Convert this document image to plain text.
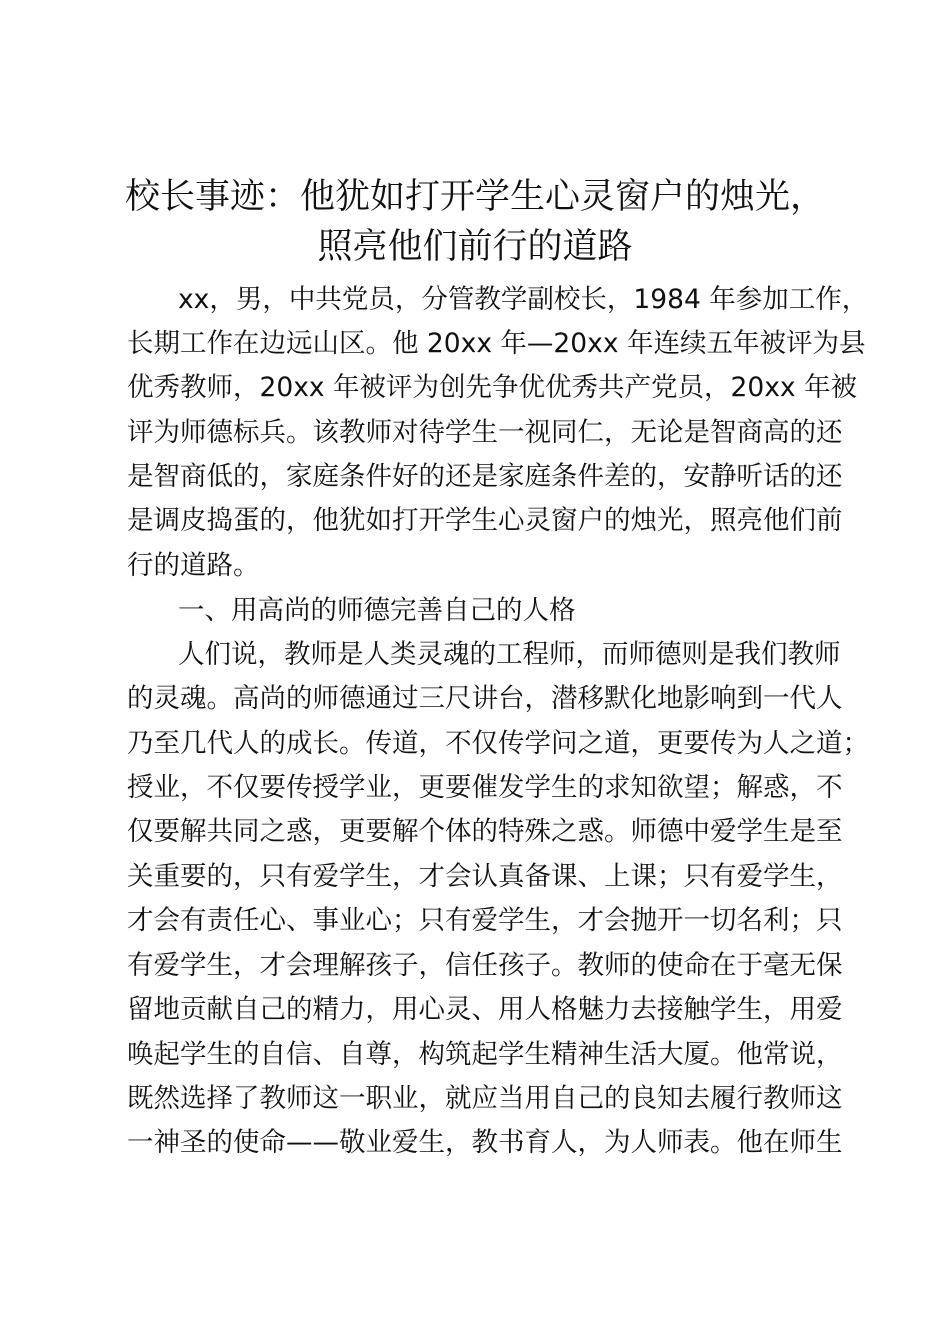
校长事迹：他犹如打开学生心灵窗户的烛光，
照亮他们前行的道路
xx，男，中共党员，分管教学副校长，1984 年参加工作，
长期工作在边远山区。他 20xx 年—20xx 年连续五年被评为县
优秀教师，20xx 年被评为创先争优优秀共产党员，20xx 年被
评为师德标兵。该教师对待学生一视同仁，无论是智商高的还
是智商低的，家庭条件好的还是家庭条件差的，安静听话的还
是调皮捣蛋的，他犹如打开学生心灵窗户的烛光，照亮他们前
行的道路。
一、用高尚的师德完善自己的人格
人们说，教师是人类灵魂的工程师，而师德则是我们教师
的灵魂。高尚的师德通过三尺讲台，潜移默化地影响到一代人
乃至几代人的成长。传道，不仅传学问之道，更要传为人之道；
授业，不仅要传授学业，更要催发学生的求知欲望；解惑，不
仅要解共同之惑，更要解个体的特殊之惑。师德中爱学生是至
关重要的，只有爱学生，才会认真备课、上课；只有爱学生，
才会有责任心、事业心；只有爱学生，才会抛开一切名利；只
有爱学生，才会理解孩子，信任孩子。教师的使命在于毫无保
留地贡献自己的精力，用心灵、用人格魅力去接触学生，用爱
唤起学生的自信、自尊，构筑起学生精神生活大厦。他常说，
既然选择了教师这一职业，就应当用自己的良知去履行教师这
一神圣的使命——敬业爱生，教书育人，为人师表。他在师生
